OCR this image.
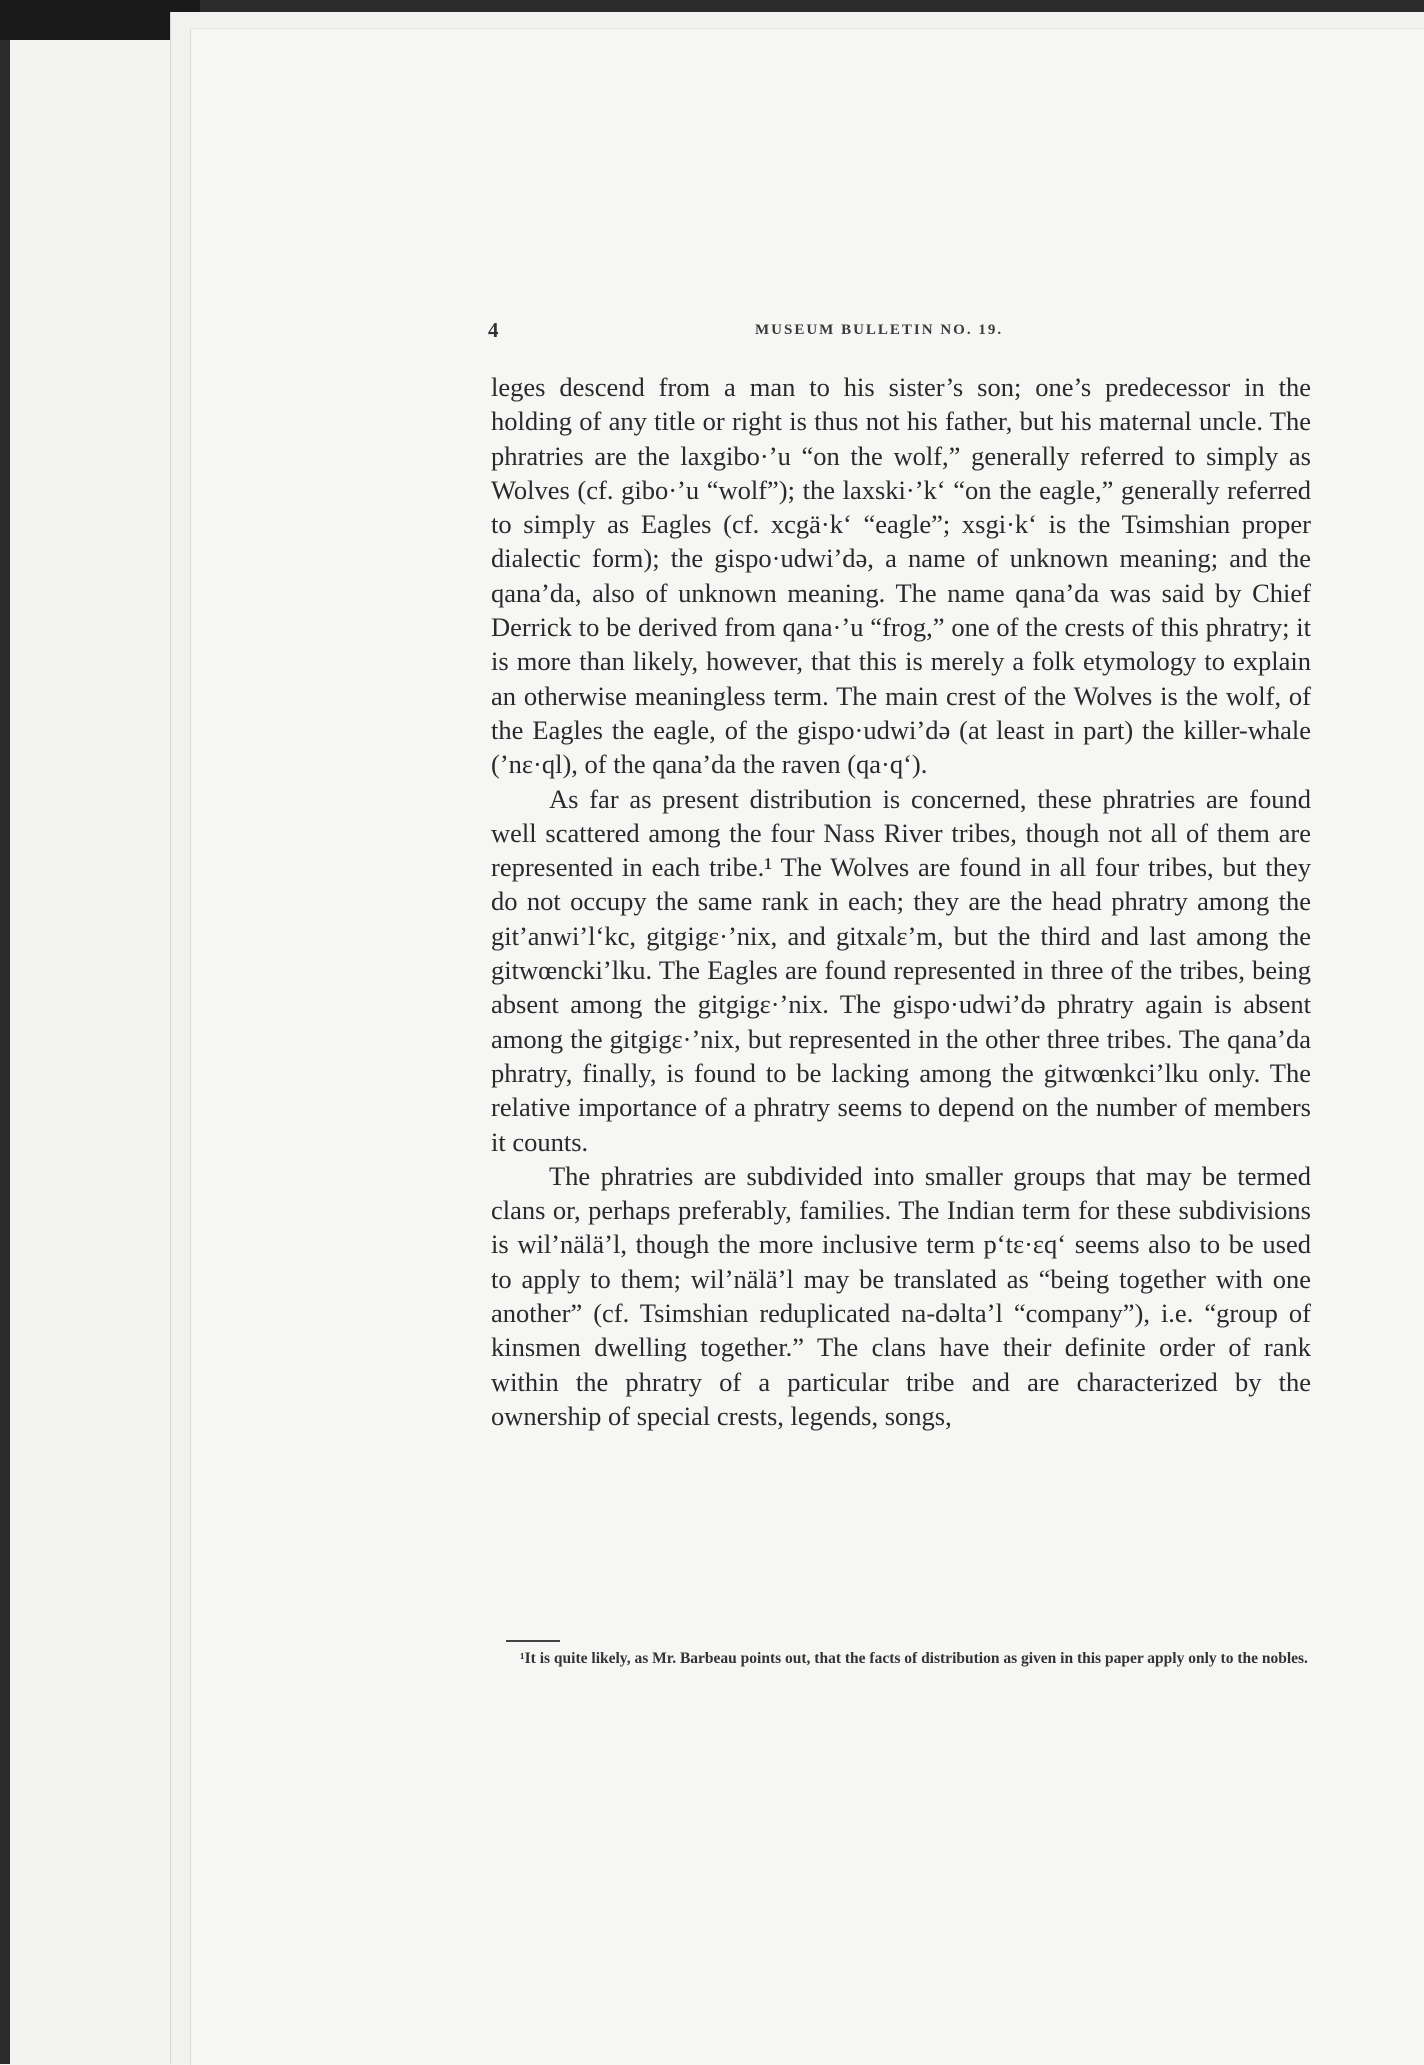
4	MUSEUM BULLETIN NO. 19.

leges descend from a man to his sister’s son; one’s predecessor in the holding of any title or right is thus not his father, but his maternal uncle. The phratries are the laxgibo·’u “on the wolf,” generally referred to simply as Wolves (cf. gibo·’u “wolf”); the laxski·’k‘ “on the eagle,” generally referred to simply as Eagles (cf. xcgä·k‘ “eagle”; xsgi·k‘ is the Tsimshian proper dialectic form); the gispo·udwi’də, a name of unknown meaning; and the qana’da, also of unknown meaning. The name qana’da was said by Chief Derrick to be derived from qana·’u “frog,” one of the crests of this phratry; it is more than likely, however, that this is merely a folk etymology to explain an otherwise meaningless term. The main crest of the Wolves is the wolf, of the Eagles the eagle, of the gispo·udwi’də (at least in part) the killer-whale (’nɛ·ql), of the qana’da the raven (qa·q‘).

As far as present distribution is concerned, these phratries are found well scattered among the four Nass River tribes, though not all of them are represented in each tribe.¹ The Wolves are found in all four tribes, but they do not occupy the same rank in each; they are the head phratry among the git’anwi’l‘kc, gitgigɛ·’nix, and gitxalɛ’m, but the third and last among the gitwœncki’lku. The Eagles are found represented in three of the tribes, being absent among the gitgigɛ·’nix. The gispo·udwi’də phratry again is absent among the gitgigɛ·’nix, but represented in the other three tribes. The qana’da phratry, finally, is found to be lacking among the gitwœnkci’lku only. The relative importance of a phratry seems to depend on the number of members it counts.

The phratries are subdivided into smaller groups that may be termed clans or, perhaps preferably, families. The Indian term for these subdivisions is wil’nälä’l, though the more inclusive term p‘tɛ·ɛq‘ seems also to be used to apply to them; wil’nälä’l may be translated as “being together with one another” (cf. Tsimshian reduplicated na-dəlta’l “company”), i.e. “group of kinsmen dwelling together.” The clans have their definite order of rank within the phratry of a particular tribe and are characterized by the ownership of special crests, legends, songs,

¹It is quite likely, as Mr. Barbeau points out, that the facts of distribution as given in this paper apply only to the nobles.
